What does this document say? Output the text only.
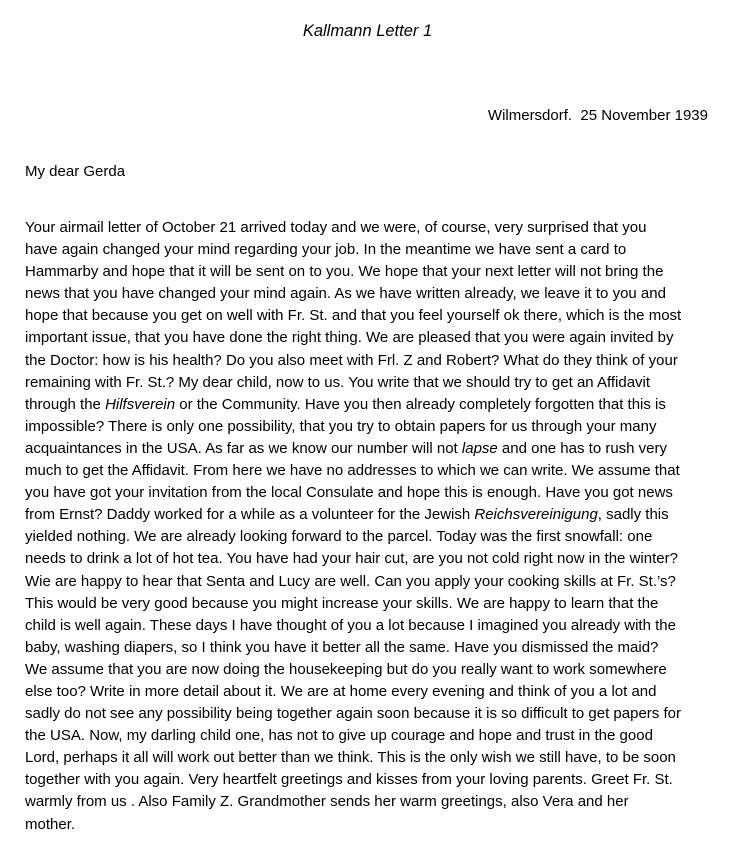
Kallmann Letter 1
Wilmersdorf.  25 November 1939
My dear Gerda
Your airmail letter of October 21 arrived today and we were, of course, very surprised that you
have again changed your mind regarding your job. In the meantime we have sent a card to
Hammarby and hope that it will be sent on to you. We hope that your next letter will not bring the
news that you have changed your mind again. As we have written already, we leave it to you and
hope that because you get on well with Fr. St. and that you feel yourself ok there, which is the most
important issue, that you have done the right thing. We are pleased that you were again invited by
the Doctor: how is his health? Do you also meet with Frl. Z and Robert? What do they think of your
remaining with Fr. St.? My dear child, now to us. You write that we should try to get an Affidavit
through the Hilfsverein or the Community. Have you then already completely forgotten that this is
impossible? There is only one possibility, that you try to obtain papers for us through your many
acquaintances in the USA. As far as we know our number will not lapse and one has to rush very
much to get the Affidavit. From here we have no addresses to which we can write. We assume that
you have got your invitation from the local Consulate and hope this is enough. Have you got news
from Ernst? Daddy worked for a while as a volunteer for the Jewish Reichsvereinigung, sadly this
yielded nothing. We are already looking forward to the parcel. Today was the first snowfall: one
needs to drink a lot of hot tea. You have had your hair cut, are you not cold right now in the winter?
Wie are happy to hear that Senta and Lucy are well. Can you apply your cooking skills at Fr. St.’s?
This would be very good because you might increase your skills. We are happy to learn that the
child is well again. These days I have thought of you a lot because I imagined you already with the
baby, washing diapers, so I think you have it better all the same. Have you dismissed the maid?
We assume that you are now doing the housekeeping but do you really want to work somewhere
else too? Write in more detail about it. We are at home every evening and think of you a lot and
sadly do not see any possibility being together again soon because it is so difficult to get papers for
the USA. Now, my darling child one, has not to give up courage and hope and trust in the good
Lord, perhaps it all will work out better than we think. This is the only wish we still have, to be soon
together with you again. Very heartfelt greetings and kisses from your loving parents. Greet Fr. St.
warmly from us . Also Family Z. Grandmother sends her warm greetings, also Vera and her
mother.
